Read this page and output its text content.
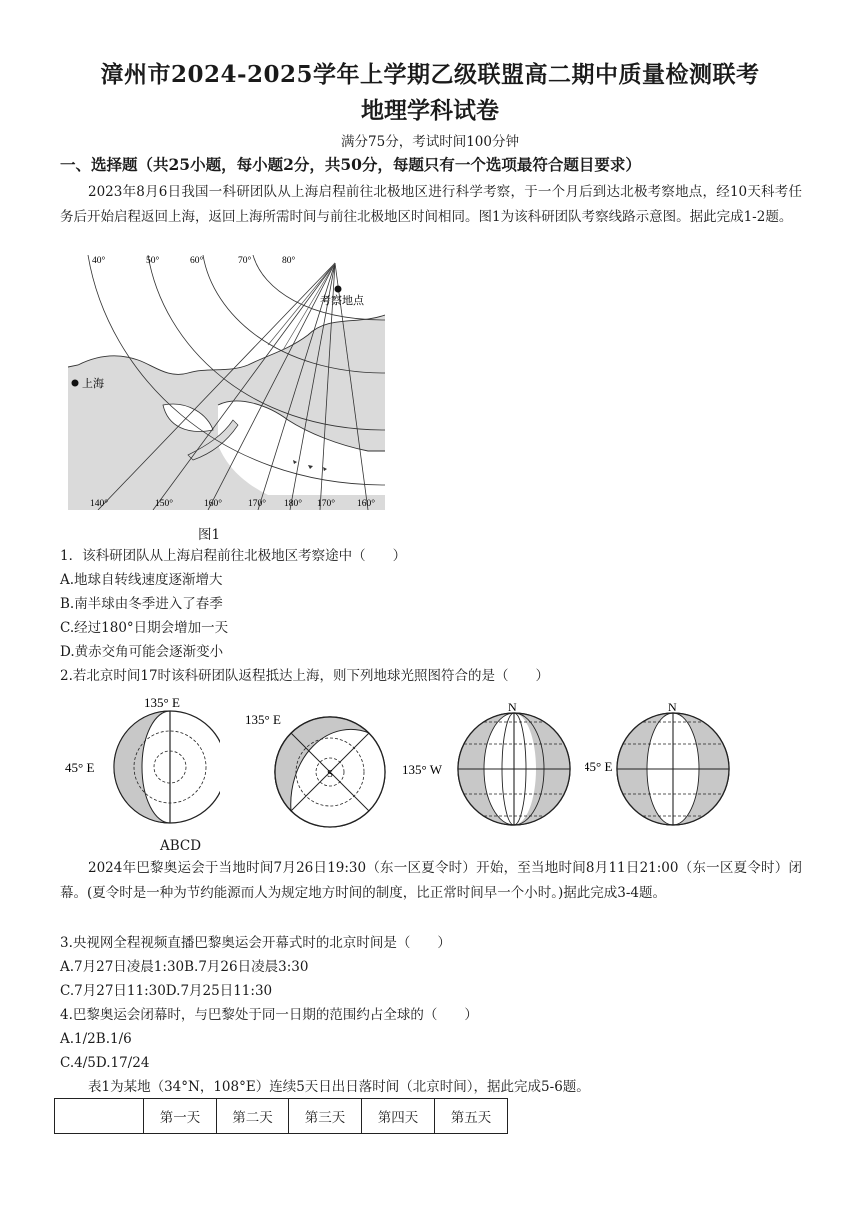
漳州市2024-2025学年上学期乙级联盟高二期中质量检测联考
地理学科试卷
满分75分，考试时间100分钟
一、选择题（共25小题，每小题2分，共50分，每题只有一个选项最符合题目要求）
2023年8月6日我国一科研团队从上海启程前往北极地区进行科学考察，于一个月后到达北极考察地点，经10天科考任务后开始启程返回上海，返回上海所需时间与前往北极地区时间相同。图1为该科研团队考察线路示意图。据此完成1-2题。
上海
考察地点
40°	50°	60°	70°	80°
140°	150°	160°	170° 180° 170° 160°
图1
1．该科研团队从上海启程前往北极地区考察途中（　　）
A.地球自转线速度逐渐增大
B.南半球由冬季进入了春季
C.经过180°日期会增加一天
D.黄赤交角可能会逐渐变小
2.若北京时间17时该科研团队返程抵达上海，则下列地球光照图符合的是（　　）
135° E
45° E
135° E
S
N
135° W
N
45° E
ABCD
2024年巴黎奥运会于当地时间7月26日19:30（东一区夏令时）开始，至当地时间8月11日21:00（东一区夏令时）闭幕。(夏令时是一种为节约能源而人为规定地方时间的制度，比正常时间早一个小时。)据此完成3-4题。
3.央视网全程视频直播巴黎奥运会开幕式时的北京时间是（　　）
A.7月27日凌晨1:30B.7月26日凌晨3:30
C.7月27日11:30D.7月25日11:30
4.巴黎奥运会闭幕时，与巴黎处于同一日期的范围约占全球的（　　）
A.1/2B.1/6
C.4/5D.17/24
表1为某地（34°N，108°E）连续5天日出日落时间（北京时间），据此完成5-6题。
	第一天	第二天	第三天	第四天	第五天
